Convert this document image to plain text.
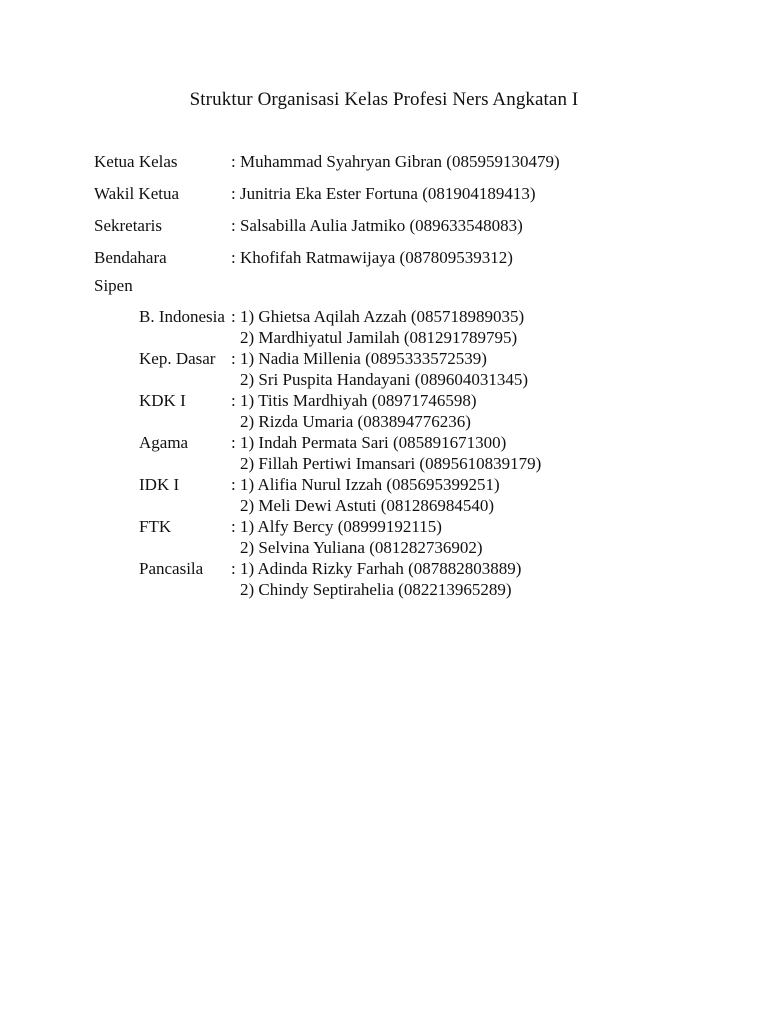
Struktur Organisasi Kelas Profesi Ners Angkatan I
Ketua Kelas	: Muhammad Syahryan Gibran (085959130479)
Wakil Ketua	: Junitria Eka Ester Fortuna (081904189413)
Sekretaris	: Salsabilla Aulia Jatmiko (089633548083)
Bendahara	: Khofifah Ratmawijaya (087809539312)
Sipen
B. Indonesia : 1) Ghietsa Aqilah Azzah (085718989035)
2) Mardhiyatul Jamilah (081291789795)
Kep. Dasar : 1) Nadia Millenia (0895333572539)
2) Sri Puspita Handayani (089604031345)
KDK I	: 1) Titis Mardhiyah (08971746598)
2) Rizda Umaria (083894776236)
Agama	: 1) Indah Permata Sari (085891671300)
2) Fillah Pertiwi Imansari (0895610839179)
IDK I	: 1) Alifia Nurul Izzah (085695399251)
2) Meli Dewi Astuti (081286984540)
FTK	: 1) Alfy Bercy (08999192115)
2) Selvina Yuliana (081282736902)
Pancasila : 1) Adinda Rizky Farhah (087882803889)
2) Chindy Septirahelia (082213965289)
